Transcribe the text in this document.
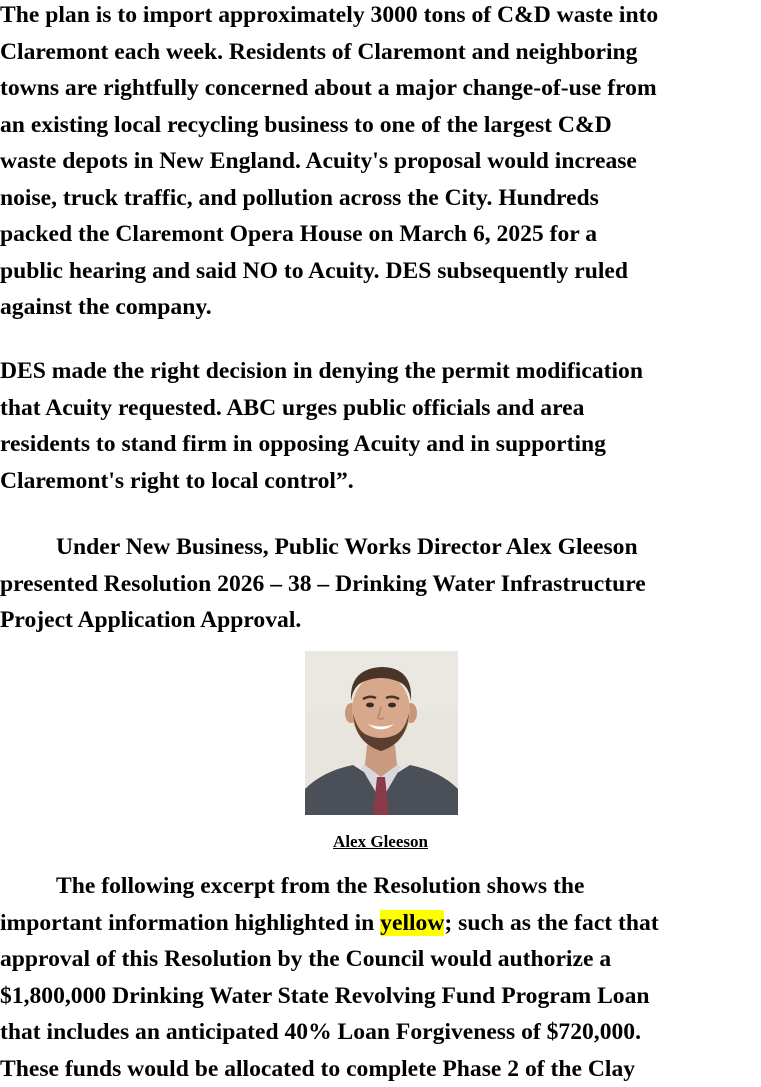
The plan is to import approximately 3000 tons of C&D waste into
Claremont each week. Residents of Claremont and neighboring
towns are rightfully concerned about a major change-of-use from
an existing local recycling business to one of the largest C&D
waste depots in New England. Acuity's proposal would increase
noise, truck traffic, and pollution across the City. Hundreds
packed the Claremont Opera House on March 6, 2025 for a
public hearing and said NO to Acuity. DES subsequently ruled
against the company.
DES made the right decision in denying the permit modification
that Acuity requested. ABC urges public officials and area
residents to stand firm in opposing Acuity and in supporting
Claremont's right to local control”.
Under New Business, Public Works Director Alex Gleeson
presented Resolution 2026 – 38 – Drinking Water Infrastructure
Project Application Approval.
Alex Gleeson
The following excerpt from the Resolution shows the
important information highlighted in yellow; such as the fact that
approval of this Resolution by the Council would authorize a
$1,800,000 Drinking Water State Revolving Fund Program Loan
that includes an anticipated 40% Loan Forgiveness of $720,000.
These funds would be allocated to complete Phase 2 of the Clay
